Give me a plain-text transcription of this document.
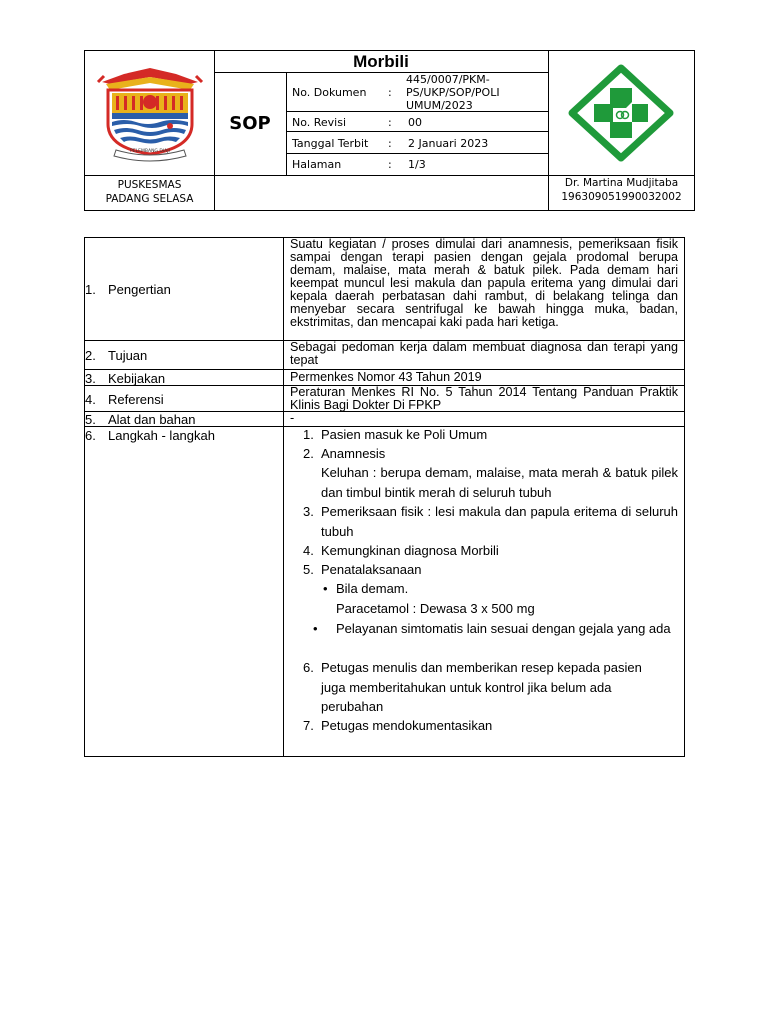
PELEMBANG DIAJI
Morbili
SOP
No. Dokumen :
445/0007/PKM-PS/UKP/SOP/POLI UMUM/2023
No. Revisi	: 00
Tanggal Terbit : 2 Januari 2023
Halaman	: 1/3
PUSKESMAS
PADANG SELASA
Dr. Martina Mudjitaba
196309051990032002
1. Pengertian
Suatu kegiatan / proses dimulai dari anamnesis, pemeriksaan fisik sampai dengan terapi pasien dengan gejala prodomal berupa demam, malaise, mata merah & batuk pilek. Pada demam hari keempat muncul lesi makula dan papula eritema yang dimulai dari kepala daerah perbatasan dahi rambut, di belakang telinga dan menyebar secara sentrifugal ke bawah hingga muka, badan, ekstrimitas, dan mencapai kaki pada hari ketiga.
2. Tujuan
Sebagai pedoman kerja dalam membuat diagnosa dan terapi yang tepat
3. Kebijakan	Permenkes Nomor 43 Tahun 2019
4. Referensi	Peraturan Menkes RI No. 5 Tahun 2014 Tentang Panduan Praktik Klinis Bagi Dokter Di FPKP
5. Alat dan bahan	-
6. Langkah - langkah	1. Pasien masuk ke Poli Umum
2. Anamnesis
Keluhan : berupa demam, malaise, mata merah & batuk pilek dan timbul bintik merah di seluruh tubuh
3. Pemeriksaan fisik : lesi makula dan papula eritema di seluruh tubuh
4. Kemungkinan diagnosa Morbili
5. Penatalaksanaan
• Bila demam.
Paracetamol : Dewasa 3 x 500 mg
• Pelayanan simtomatis lain sesuai dengan gejala yang ada
6. Petugas menulis dan memberikan resep kepada pasien juga memberitahukan untuk kontrol jika belum ada perubahan
7. Petugas mendokumentasikan
